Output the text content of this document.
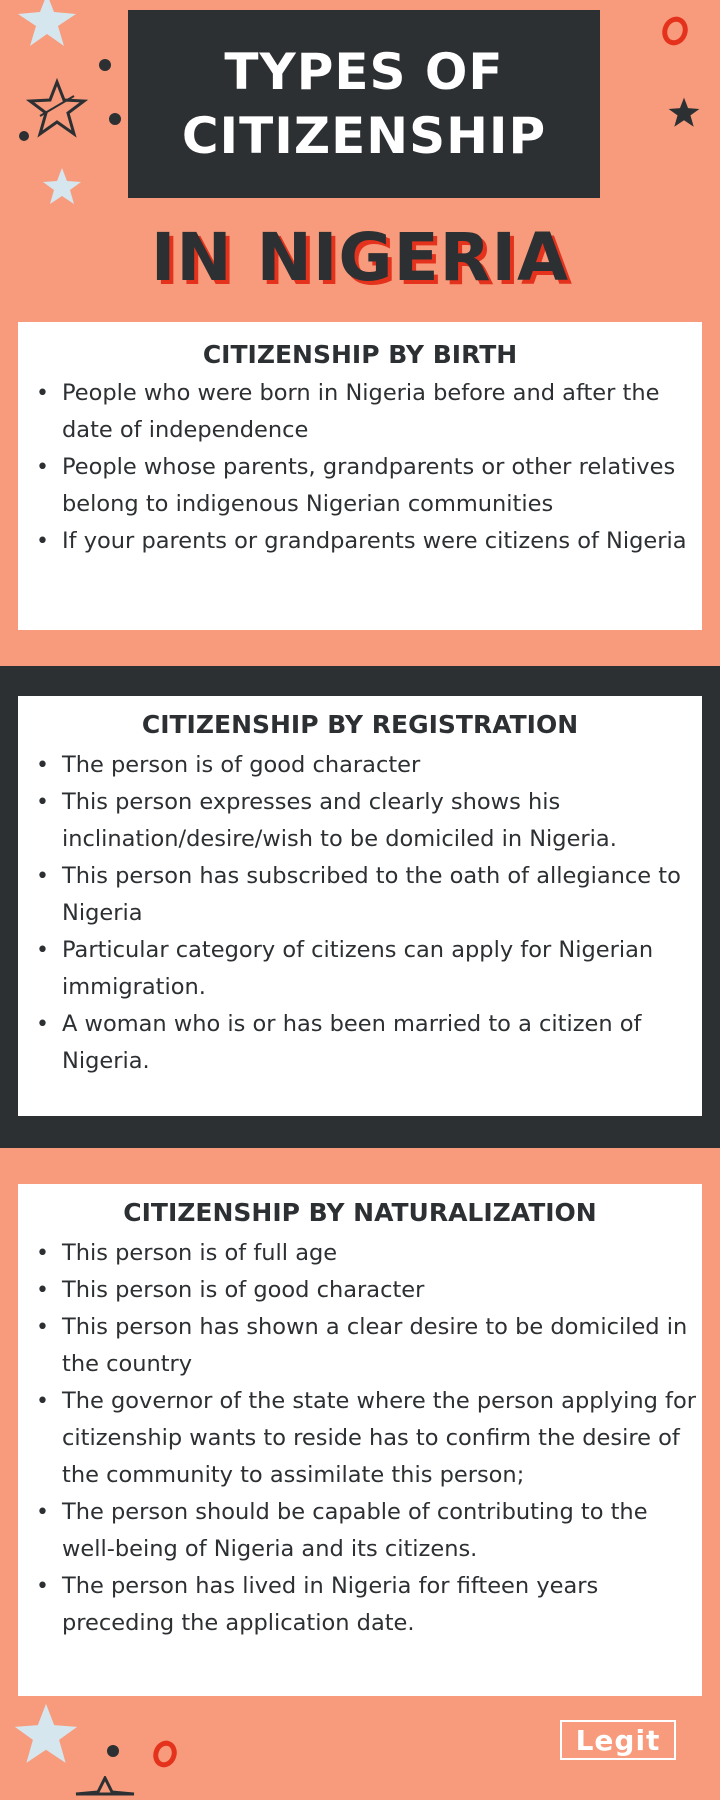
TYPES OF
CITIZENSHIP
IN NIGERIA
CITIZENSHIP BY BIRTH
• People who were born in Nigeria before and after the date of independence
• People whose parents, grandparents or other relatives belong to indigenous Nigerian communities
• If your parents or grandparents were citizens of Nigeria
CITIZENSHIP BY REGISTRATION
• The person is of good character
• This person expresses and clearly shows his inclination/desire/wish to be domiciled in Nigeria.
• This person has subscribed to the oath of allegiance to Nigeria
• Particular category of citizens can apply for Nigerian immigration.
• A woman who is or has been married to a citizen of Nigeria.
CITIZENSHIP BY NATURALIZATION
• This person is of full age
• This person is of good character
• This person has shown a clear desire to be domiciled in the country
• The governor of the state where the person applying for citizenship wants to reside has to confirm the desire of the community to assimilate this person;
• The person should be capable of contributing to the well-being of Nigeria and its citizens.
• The person has lived in Nigeria for fifteen years preceding the application date.
Legit
